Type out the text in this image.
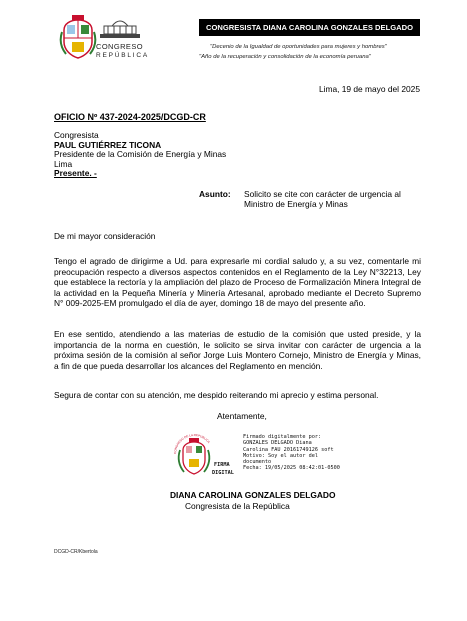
CONGRESO
REPÚBLICA
CONGRESISTA DIANA CAROLINA GONZALES DELGADO
"Decenio de la Igualdad de oportunidades para mujeres y hombres"
"Año de la recuperación y consolidación de la economía peruana"
Lima, 19 de mayo del 2025
OFICIO Nº 437-2024-2025/DCGD-CR
Congresista
PAUL GUTIÉRREZ TICONA
Presidente de la Comisión de Energía y Minas
Lima
Presente. -
Asunto: Solicito se cite con carácter de urgencia al Ministro de Energía y Minas
De mi mayor consideración
Tengo el agrado de dirigirme a Ud. para expresarle mi cordial saludo y, a su vez, comentarle mi preocupación respecto a diversos aspectos contenidos en el Reglamento de la Ley N°32213, Ley que establece la rectoría y la ampliación del plazo de Proceso de Formalización Minera Integral de la actividad en la Pequeña Minería y Minería Artesanal, aprobado mediante el Decreto Supremo N° 009-2025-EM promulgado el día de ayer, domingo 18 de mayo del presente año.
En ese sentido, atendiendo a las materias de estudio de la comisión que usted preside, y la importancia de la norma en cuestión, le solicito se sirva invitar con carácter de urgencia a la próxima sesión de la comisión al señor Jorge Luis Montero Cornejo, Ministro de Energía y Minas, a fin de que pueda desarrollar los alcances del Reglamento en mención.
Segura de contar con su atención, me despido reiterando mi aprecio y estima personal.
Atentamente,
CONGRESO DE LA REPÚBLICA
FIRMA
DIGITAL
Firmado digitalmente por:
GONZALES DELGADO Diana
Carolina FAU 20161749126 soft
Motivo: Soy el autor del
documento
Fecha: 19/05/2025 08:42:01-0500
DIANA CAROLINA GONZALES DELGADO
Congresista de la República
DCGD-CR/Kbertola
